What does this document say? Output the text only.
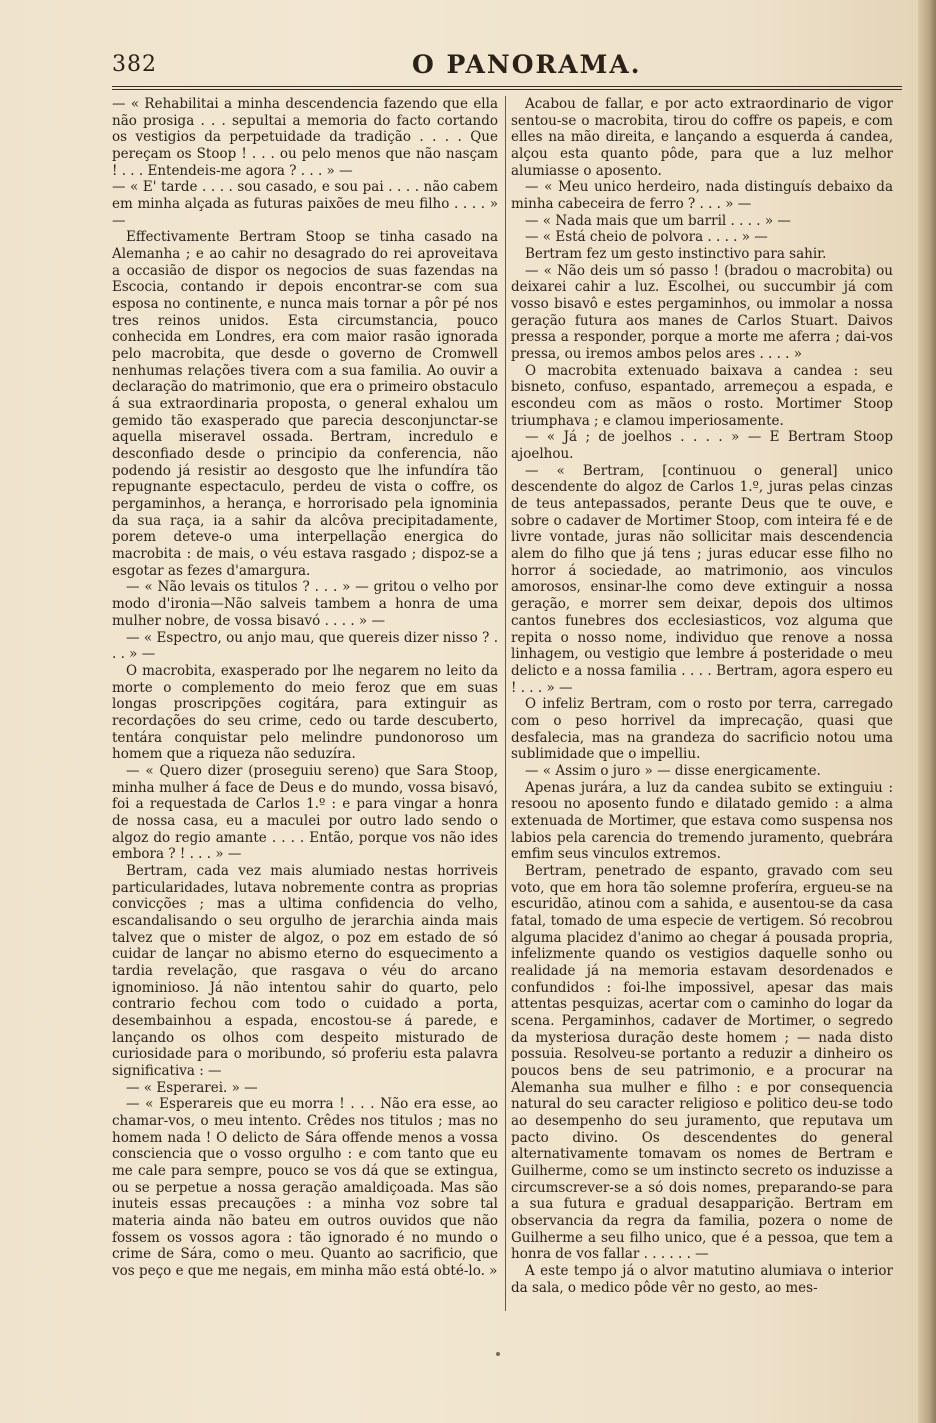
382	O PANORAMA.

— « Rehabilitai a minha descendencia fazendo que ella não prosiga . . . sepultai a memoria do facto cortando os vestigios da perpetuidade da tradição . . . . Que pereçam os Stoop ! . . . ou pelo menos que não nasçam ! . . . Entendeis-me agora ? . . . » —

— « E' tarde . . . . sou casado, e sou pai . . . . não cabem em minha alçada as futuras paixões de meu filho . . . . » —

Effectivamente Bertram Stoop se tinha casado na Alemanha ; e ao cahir no desagrado do rei aproveitava a occasião de dispor os negocios de suas fazendas na Escocia, contando ir depois encontrar-se com sua esposa no continente, e nunca mais tornar a pôr pé nos tres reinos unidos. Esta circumstancia, pouco conhecida em Londres, era com maior rasão ignorada pelo macrobita, que desde o governo de Cromwell nenhumas relações tivera com a sua familia. Ao ouvir a declaração do matrimonio, que era o primeiro obstaculo á sua extraordinaria proposta, o general exhalou um gemido tão exasperado que parecia desconjunctar-se aquella miseravel ossada. Bertram, incredulo e desconfiado desde o principio da conferencia, não podendo já resistir ao desgosto que lhe infundíra tão repugnante espectaculo, perdeu de vista o coffre, os pergaminhos, a herança, e horrorisado pela ignominia da sua raça, ia a sahir da alcôva precipitadamente, porem deteve-o uma interpellação energica do macrobita : de mais, o véu estava rasgado ; dispoz-se a esgotar as fezes d'amargura.

— « Não levais os titulos ? . . . » — gritou o velho por modo d'ironia—Não salveis tambem a honra de uma mulher nobre, de vossa bisavó . . . . » —

— « Espectro, ou anjo mau, que quereis dizer nisso ? . . . » —

O macrobita, exasperado por lhe negarem no leito da morte o complemento do meio feroz que em suas longas proscripções cogitára, para extinguir as recordações do seu crime, cedo ou tarde descuberto, tentára conquistar pelo melindre pundonoroso um homem que a riqueza não seduzíra.

— « Quero dizer (proseguiu sereno) que Sara Stoop, minha mulher á face de Deus e do mundo, vossa bisavó, foi a requestada de Carlos 1.º : e para vingar a honra de nossa casa, eu a maculei por outro lado sendo o algoz do regio amante . . . . Então, porque vos não ides embora ? ! . . . » —

Bertram, cada vez mais alumiado nestas horriveis particularidades, lutava nobremente contra as proprias convicções ; mas a ultima confidencia do velho, escandalisando o seu orgulho de jerarchia ainda mais talvez que o mister de algoz, o poz em estado de só cuidar de lançar no abismo eterno do esquecimento a tardia revelação, que rasgava o véu do arcano ignominioso. Já não intentou sahir do quarto, pelo contrario fechou com todo o cuidado a porta, desembainhou a espada, encostou-se á parede, e lançando os olhos com despeito misturado de curiosidade para o moribundo, só proferiu esta palavra significativa : —

— « Esperarei. » —

— « Esperareis que eu morra ! . . . Não era esse, ao chamar-vos, o meu intento. Crêdes nos titulos ; mas no homem nada ! O delicto de Sára offende menos a vossa consciencia que o vosso orgulho : e com tanto que eu me cale para sempre, pouco se vos dá que se extingua, ou se perpetue a nossa geração amaldiçoada. Mas são inuteis essas precauções : a minha voz sobre tal materia ainda não bateu em outros ouvidos que não fossem os vossos agora : tão ignorado é no mundo o crime de Sára, como o meu. Quanto ao sacrificio, que vos peço e que me negais, em minha mão está obté-lo. »

Acabou de fallar, e por acto extraordinario de vigor sentou-se o macrobita, tirou do coffre os papeis, e com elles na mão direita, e lançando a esquerda á candea, alçou esta quanto pôde, para que a luz melhor alumiasse o aposento.

— « Meu unico herdeiro, nada distinguís debaixo da minha cabeceira de ferro ? . . . » —

— « Nada mais que um barril . . . . » —

— « Está cheio de polvora . . . . » —

Bertram fez um gesto instinctivo para sahir.

— « Não deis um só passo ! (bradou o macrobita) ou deixarei cahir a luz. Escolhei, ou succumbir já com vosso bisavô e estes pergaminhos, ou immolar a nossa geração futura aos manes de Carlos Stuart. Daivos pressa a responder, porque a morte me aferra ; dai-vos pressa, ou iremos ambos pelos ares . . . . »

O macrobita extenuado baixava a candea : seu bisneto, confuso, espantado, arremeçou a espada, e escondeu com as mãos o rosto. Mortimer Stoop triumphava ; e clamou imperiosamente.

— « Já ; de joelhos . . . . » — E Bertram Stoop ajoelhou.

— « Bertram, [continuou o general] unico descendente do algoz de Carlos 1.º, juras pelas cinzas de teus antepassados, perante Deus que te ouve, e sobre o cadaver de Mortimer Stoop, com inteira fé e de livre vontade, juras não sollicitar mais descendencia alem do filho que já tens ; juras educar esse filho no horror á sociedade, ao matrimonio, aos vinculos amorosos, ensinar-lhe como deve extinguir a nossa geração, e morrer sem deixar, depois dos ultimos cantos funebres dos ecclesiasticos, voz alguma que repita o nosso nome, individuo que renove a nossa linhagem, ou vestigio que lembre á posteridade o meu delicto e a nossa familia . . . . Bertram, agora espero eu ! . . . » —

O infeliz Bertram, com o rosto por terra, carregado com o peso horrivel da imprecação, quasi que desfalecia, mas na grandeza do sacrificio notou uma sublimidade que o impelliu.

— « Assim o juro » — disse energicamente.

Apenas jurára, a luz da candea subito se extinguiu : resoou no aposento fundo e dilatado gemido : a alma extenuada de Mortimer, que estava como suspensa nos labios pela carencia do tremendo juramento, quebrára emfim seus vinculos extremos.

Bertram, penetrado de espanto, gravado com seu voto, que em hora tão solemne proferíra, ergueu-se na escuridão, atinou com a sahida, e ausentou-se da casa fatal, tomado de uma especie de vertigem. Só recobrou alguma placidez d'animo ao chegar á pousada propria, infelizmente quando os vestigios daquelle sonho ou realidade já na memoria estavam desordenados e confundidos : foi-lhe impossivel, apesar das mais attentas pesquizas, acertar com o caminho do logar da scena. Pergaminhos, cadaver de Mortimer, o segredo da mysteriosa duração deste homem ; — nada disto possuia. Resolveu-se portanto a reduzir a dinheiro os poucos bens de seu patrimonio, e a procurar na Alemanha sua mulher e filho : e por consequencia natural do seu caracter religioso e politico deu-se todo ao desempenho do seu juramento, que reputava um pacto divino. Os descendentes do general alternativamente tomavam os nomes de Bertram e Guilherme, como se um instincto secreto os induzisse a circumscrever-se a só dois nomes, preparando-se para a sua futura e gradual desapparição. Bertram em observancia da regra da familia, pozera o nome de Guilherme a seu filho unico, que é a pessoa, que tem a honra de vos fallar . . . . . . —

A este tempo já o alvor matutino alumiava o interior da sala, o medico pôde vêr no gesto, ao mes-
